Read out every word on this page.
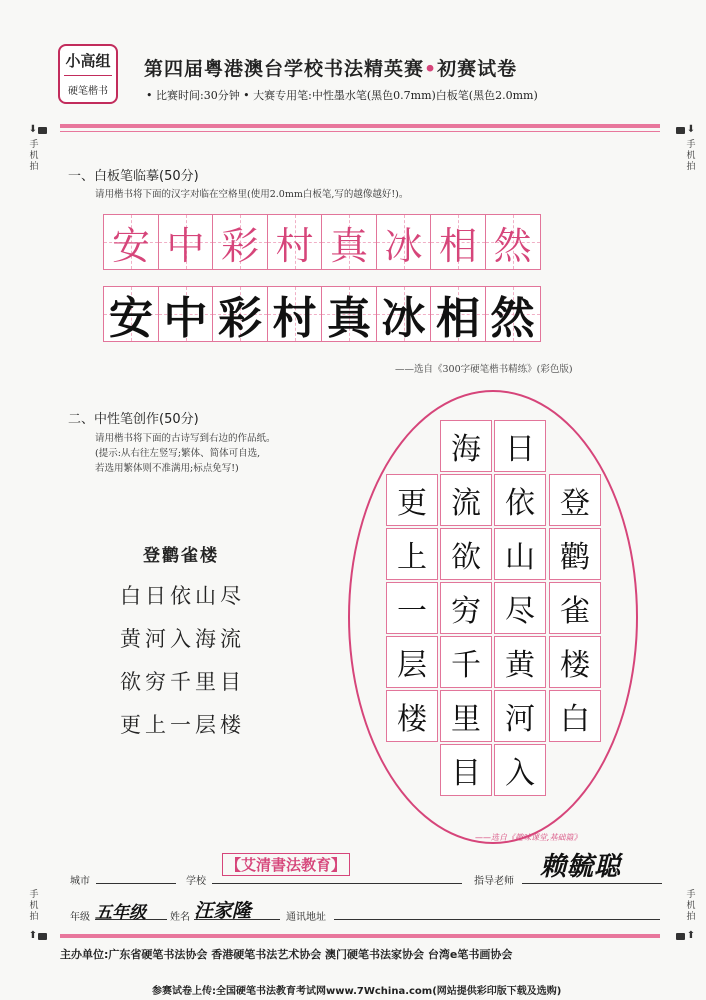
小高组
硬笔楷书
第四届粤港澳台学校书法精英赛•初赛试卷
• 比赛时间:30分钟 • 大赛专用笔:中性墨水笔(黑色0.7mm)白板笔(黑色2.0mm)
⬇
手机拍
⬇
手机拍
手机拍
⬆
手机拍
⬆
一、白板笔临摹(50分)
请用楷书将下面的汉字对临在空格里(使用2.0mm白板笔,写的越像越好!)。
安 中 彩 村 真 冰 相 然
安 中 彩 村 真 冰 相 然
——选自《300字硬笔楷书精练》(彩色版)
二、中性笔创作(50分)
请用楷书将下面的古诗写到右边的作品纸。
(提示:从右往左竖写;繁体、简体可自选,
若选用繁体则不准满用;标点免写!)
登鹳雀楼
白日依山尽
黄河入海流
欲穷千里目
更上一层楼
登
鹳
雀
楼
白
日
依
山
尽
黄
河
入
海
流
欲
穷
千
里
目
更
上
一
层
楼
——选自《趣味课堂,基础篇》
城市	学校
【艾清書法教育】
指导老师 赖毓聪
年级 五年级 姓名 汪家隆	通讯地址
主办单位:广东省硬笔书法协会 香港硬笔书法艺术协会 澳门硬笔书法家协会 台湾e笔书画协会
参赛试卷上传:全国硬笔书法教育考试网www.7Wchina.com(网站提供彩印版下载及选购)
